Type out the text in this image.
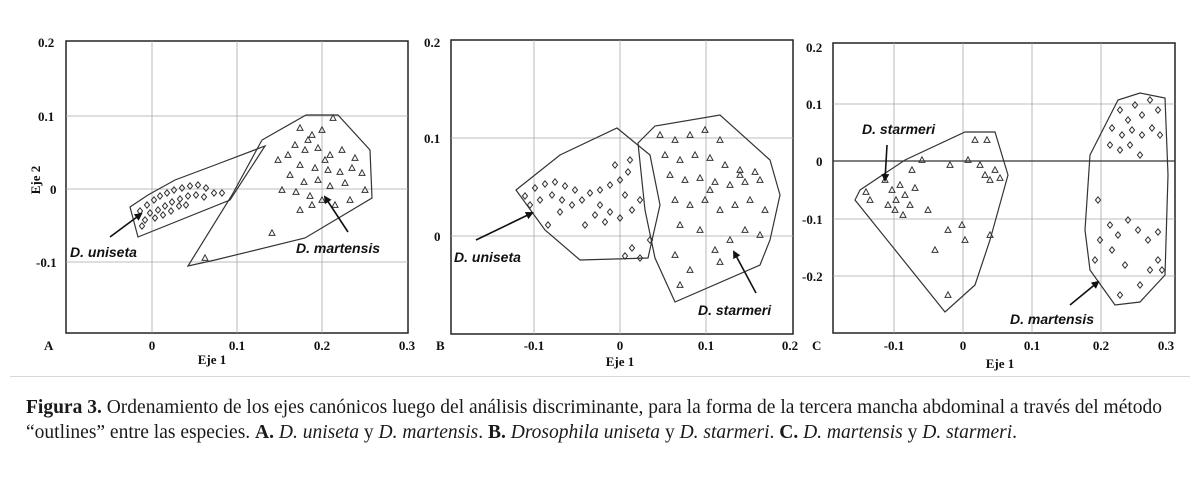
D. uniseta	D. martensis
0.2
0.1
0
-0.1
0	0.1	0.2	0.3
A
Eje 1
Eje 2
D. uniseta
D. starmeri
0.2
0.1
0
-0.1	0	0.1	0.2
B
Eje 1
D. starmeri
D. martensis
0.2
0.1
0
-0.1
-0.2
-0.1	0	0.1	0.2	0.3
C
Eje 1
Figura 3. Ordenamiento de los ejes canónicos luego del análisis discriminante, para la forma de la tercera mancha abdominal a través del método “outlines” entre las especies. A. D. uniseta y D. martensis. B. Drosophila uniseta y D. starmeri. C. D. martensis y D. starmeri.
